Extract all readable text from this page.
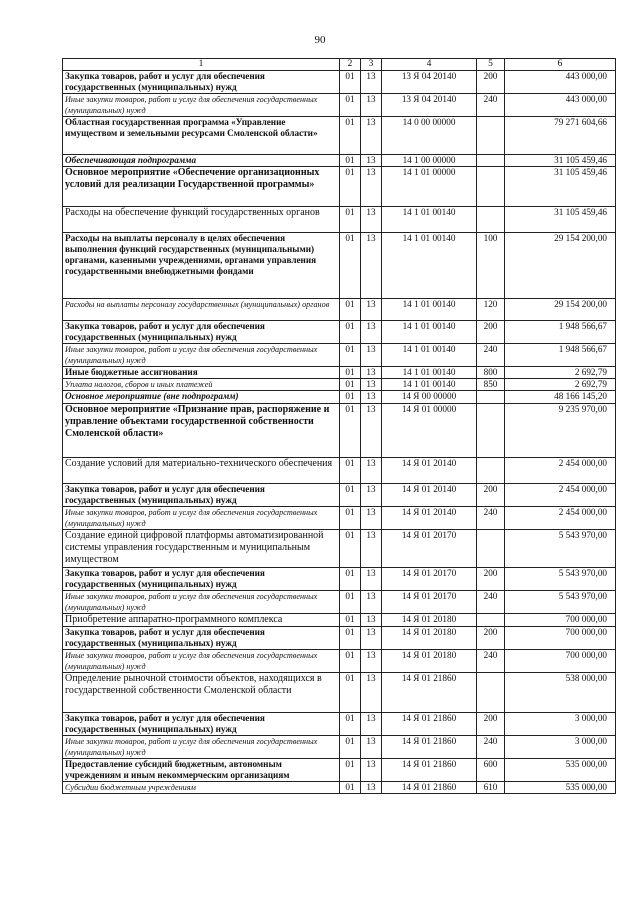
90
1	2	3	4	5	6
Закупка товаров, работ и услуг для обеспечения государственных (муниципальных) нужд	01	13	13 Я 04 20140	200	443 000,00
Иные закупки товаров, работ и услуг для обеспечения государственных (муниципальных) нужд	01	13	13 Я 04 20140	240	443 000,00
Областная государственная программа «Управление имуществом и земельными ресурсами Смоленской области»	01	13	14 0 00 00000		79 271 604,66
Обеспечивающая подпрограмма	01	13	14 1 00 00000		31 105 459,46
Основное мероприятие «Обеспечение организационных условий для реализации Государственной программы»	01	13	14 1 01 00000		31 105 459,46
Расходы на обеспечение функций государственных органов	01	13	14 1 01 00140		31 105 459,46
Расходы на выплаты персоналу в целях обеспечения выполнения функций государственных (муниципальными) органами, казенными учреждениями, органами управления государственными внебюджетными фондами	01	13	14 1 01 00140	100	29 154 200,00
Расходы на выплаты персоналу государственных (муниципальных) органов	01	13	14 1 01 00140	120	29 154 200,00
Закупка товаров, работ и услуг для обеспечения государственных (муниципальных) нужд	01	13	14 1 01 00140	200	1 948 566,67
Иные закупки товаров, работ и услуг для обеспечения государственных (муниципальных) нужд	01	13	14 1 01 00140	240	1 948 566,67
Иные бюджетные ассигнования	01	13	14 1 01 00140	800	2 692,79
Уплата налогов, сборов и иных платежей	01	13	14 1 01 00140	850	2 692,79
Основное мероприятие (вне подпрограмм)	01	13	14 Я 00 00000		48 166 145,20
Основное мероприятие «Признание прав, распоряжение и управление объектами государственной собственности Смоленской области»	01	13	14 Я 01 00000		9 235 970,00
Создание условий для материально-технического обеспечения	01	13	14 Я 01 20140		2 454 000,00
Закупка товаров, работ и услуг для обеспечения государственных (муниципальных) нужд	01	13	14 Я 01 20140	200	2 454 000,00
Иные закупки товаров, работ и услуг для обеспечения государственных (муниципальных) нужд	01	13	14 Я 01 20140	240	2 454 000,00
Создание единой цифровой платформы автоматизированной системы управления государственным и муниципальным имуществом	01	13	14 Я 01 20170		5 543 970,00
Закупка товаров, работ и услуг для обеспечения государственных (муниципальных) нужд	01	13	14 Я 01 20170	200	5 543 970,00
Иные закупки товаров, работ и услуг для обеспечения государственных (муниципальных) нужд	01	13	14 Я 01 20170	240	5 543 970,00
Приобретение аппаратно-программного комплекса	01	13	14 Я 01 20180		700 000,00
Закупка товаров, работ и услуг для обеспечения государственных (муниципальных) нужд	01	13	14 Я 01 20180	200	700 000,00
Иные закупки товаров, работ и услуг для обеспечения государственных (муниципальных) нужд	01	13	14 Я 01 20180	240	700 000,00
Определение рыночной стоимости объектов, находящихся в государственной собственности Смоленской области	01	13	14 Я 01 21860		538 000,00
Закупка товаров, работ и услуг для обеспечения государственных (муниципальных) нужд	01	13	14 Я 01 21860	200	3 000,00
Иные закупки товаров, работ и услуг для обеспечения государственных (муниципальных) нужд	01	13	14 Я 01 21860	240	3 000,00
Предоставление субсидий бюджетным, автономным учреждениям и иным некоммерческим организациям	01	13	14 Я 01 21860	600	535 000,00
Субсидии бюджетным учреждениям	01	13	14 Я 01 21860	610	535 000,00
